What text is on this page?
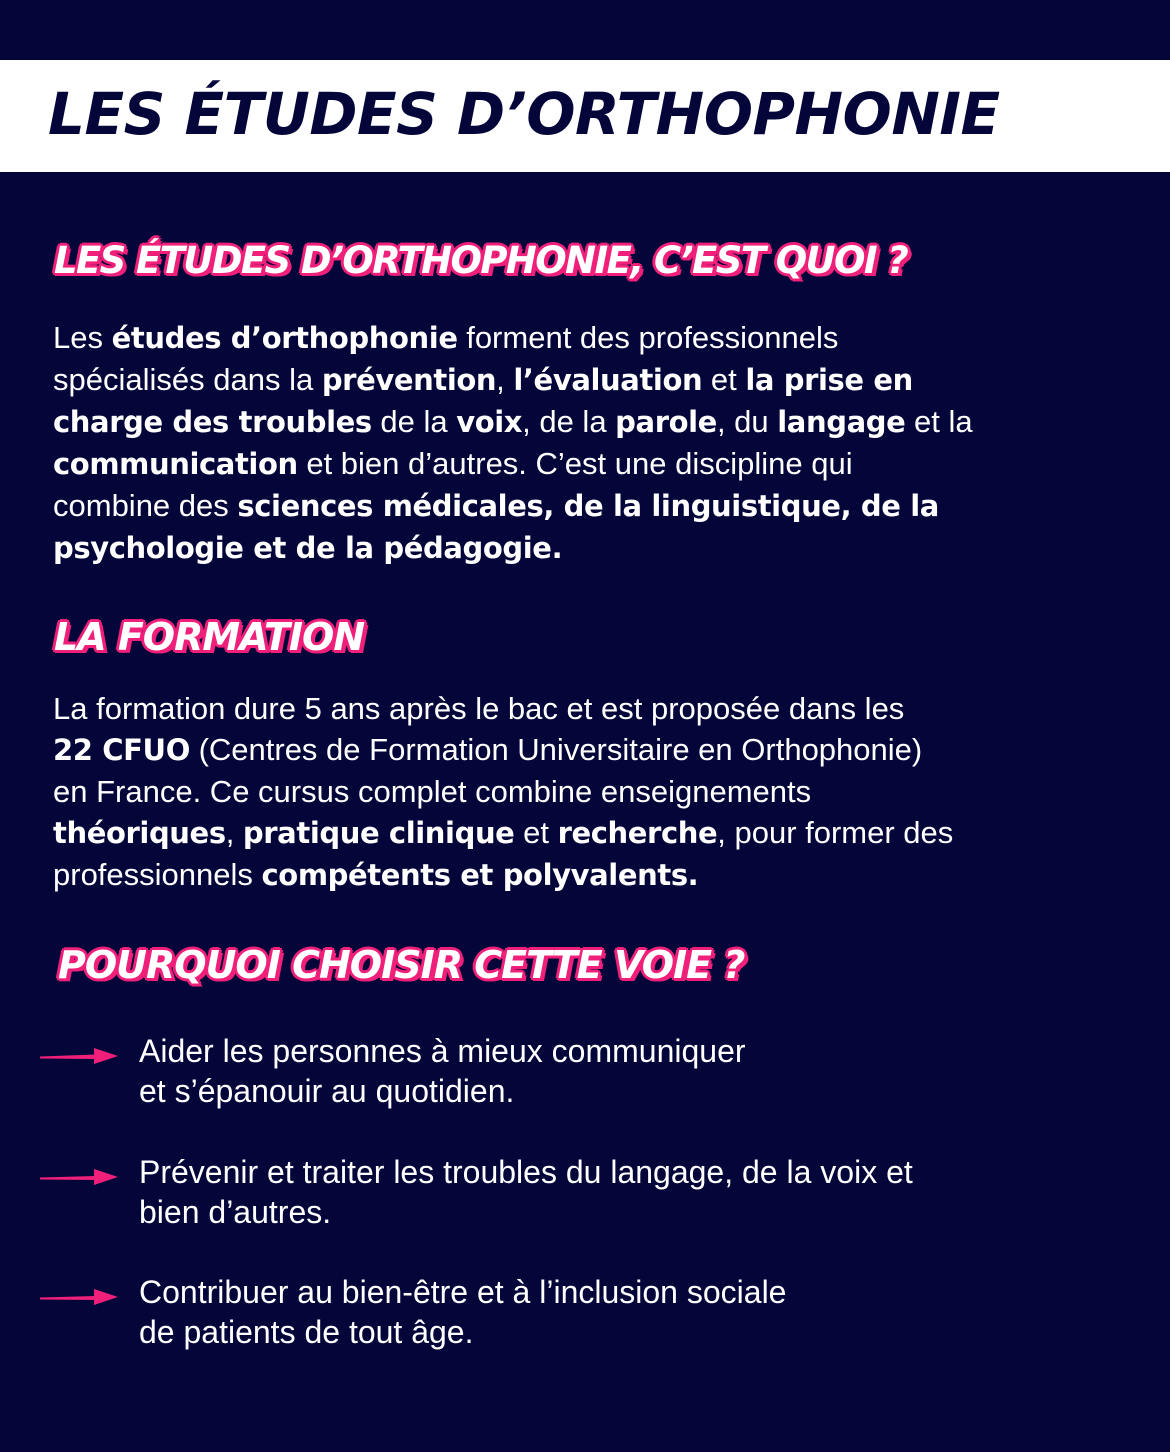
LES ÉTUDES D’ORTHOPHONIE
LES ÉTUDES D’ORTHOPHONIE, C’EST QUOI ?
Les études d’orthophonie forment des professionnels
spécialisés dans la prévention, l’évaluation et la prise en
charge des troubles de la voix, de la parole, du langage et la
communication et bien d’autres. C’est une discipline qui
combine des sciences médicales, de la linguistique, de la
psychologie et de la pédagogie.
LA FORMATION
La formation dure 5 ans après le bac et est proposée dans les
22 CFUO (Centres de Formation Universitaire en Orthophonie)
en France. Ce cursus complet combine enseignements
théoriques, pratique clinique et recherche, pour former des
professionnels compétents et polyvalents.
POURQUOI CHOISIR CETTE VOIE ?

Aider les personnes à mieux communiquer
et s’épanouir au quotidien.

Prévenir et traiter les troubles du langage, de la voix et
bien d’autres.

Contribuer au bien-être et à l’inclusion sociale
de patients de tout âge.
